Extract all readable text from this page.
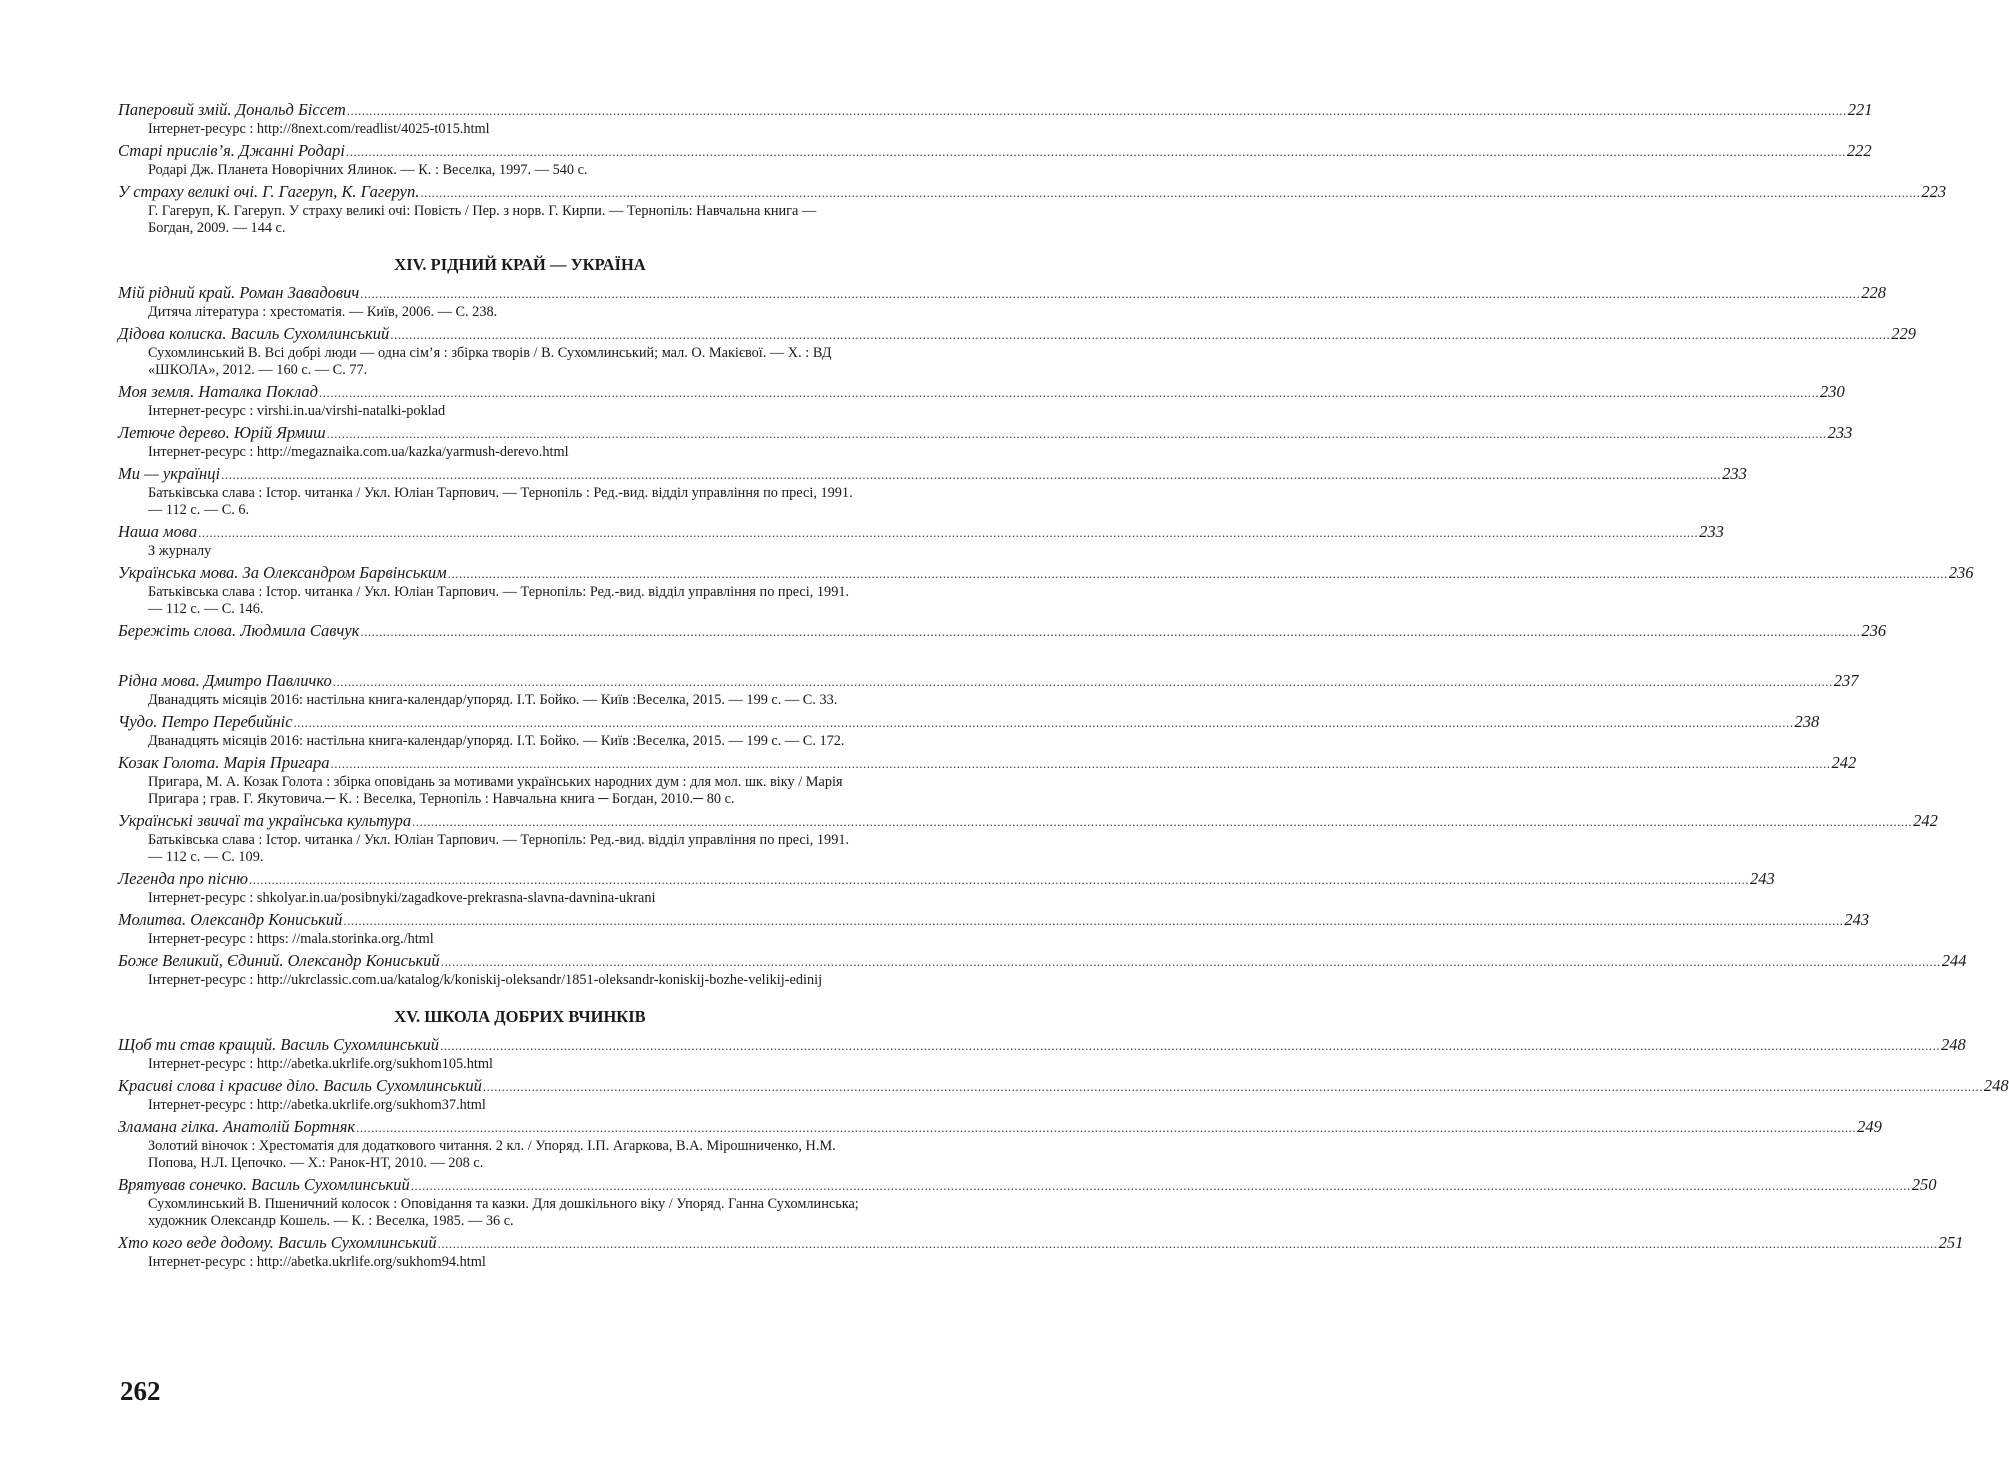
Паперовий змій. Дональд Біссет ................................................................................................................................................................................................................................................................................................................................................................................................................ 221
Інтернет-ресурс : http://8next.com/readlist/4025-t015.html
Старі прислів’я. Джанні Родарі ................................................................................................................................................................................................................................................................................................................................................................................................................ 222
Родарі Дж. Планета Новорічних Ялинок. — К. : Веселка, 1997. — 540 с.
У страху великі очі. Г. Гагеруп, К. Гагеруп. ................................................................................................................................................................................................................................................................................................................................................................................................................ 223
Г. Гагеруп, К. Гагеруп. У страху великі очі: Повість / Пер. з норв. Г. Кирпи. — Тернопіль: Навчальна книга — Богдан, 2009. — 144 с.
XIV. РІДНИЙ КРАЙ — УКРАЇНА
Мій рідний край. Роман Завадович ................................................................................................................................................................................................................................................................................................................................................................................................................ 228
Дитяча література : хрестоматія. — Київ, 2006. — С. 238.
Дідова колиска. Василь Сухомлинський ................................................................................................................................................................................................................................................................................................................................................................................................................ 229
Сухомлинський В. Всі добрі люди — одна сім’я : збірка творів / В. Сухомлинський; мал. О. Макієвої. — Х. : ВД «ШКОЛА», 2012. — 160 с. — С. 77.
Моя земля. Наталка Поклад ................................................................................................................................................................................................................................................................................................................................................................................................................ 230
Інтернет-ресурс : virshi.in.ua/virshi-natalki-poklad
Летюче дерево. Юрій Ярмиш ................................................................................................................................................................................................................................................................................................................................................................................................................ 233
Інтернет-ресурс : http://megaznaika.com.ua/kazka/yarmush-derevo.html
Ми — українці ................................................................................................................................................................................................................................................................................................................................................................................................................ 233
Батьківська слава : Істор. читанка / Укл. Юліан Тарпович. — Тернопіль : Ред.-вид. відділ управління по пресі, 1991. — 112 с. — С. 6.
Наша мова ................................................................................................................................................................................................................................................................................................................................................................................................................ 233
З журналу
Українська мова. За Олександром Барвінським ................................................................................................................................................................................................................................................................................................................................................................................................................ 236
Батьківська слава : Істор. читанка / Укл. Юліан Тарпович. — Тернопіль: Ред.-вид. відділ управління по пресі, 1991. — 112 с. — С. 146.
Бережіть слова. Людмила Савчук ................................................................................................................................................................................................................................................................................................................................................................................................................ 236
Рідна мова. Дмитро Павличко ................................................................................................................................................................................................................................................................................................................................................................................................................ 237
Дванадцять місяців 2016: настільна книга-календар/упоряд. І.Т. Бойко. — Київ :Веселка, 2015. — 199 с. — С. 33.
Чудо. Петро Перебийніс ................................................................................................................................................................................................................................................................................................................................................................................................................ 238
Дванадцять місяців 2016: настільна книга-календар/упоряд. І.Т. Бойко. — Київ :Веселка, 2015. — 199 с. — С. 172.
Козак Голота. Марія Пригара ................................................................................................................................................................................................................................................................................................................................................................................................................ 242
Пригара, М. А. Козак Голота : збірка оповідань за мотивами українських народних дум : для мол. шк. віку / Марія Пригара ; грав. Г. Якутовича.─ К. : Веселка, Тернопіль : Навчальна книга ─ Богдан, 2010.─ 80 с.
Українські звичаї та українська культура ................................................................................................................................................................................................................................................................................................................................................................................................................ 242
Батьківська слава : Істор. читанка / Укл. Юліан Тарпович. — Тернопіль: Ред.-вид. відділ управління по пресі, 1991. — 112 с. — С. 109.
Легенда про пісню ................................................................................................................................................................................................................................................................................................................................................................................................................ 243
Інтернет-ресурс : shkolyar.in.ua/posibnyki/zagadkove-prekrasna-slavna-davnina-ukrani
Молитва. Олександр Кониський ................................................................................................................................................................................................................................................................................................................................................................................................................ 243
Інтернет-ресурс : https: //mala.storinka.org./html
Боже Великий, Єдиний. Олександр Кониський ................................................................................................................................................................................................................................................................................................................................................................................................................ 244
Інтернет-ресурс : http://ukrclassic.com.ua/katalog/k/koniskij-oleksandr/1851-oleksandr-koniskij-bozhe-velikij-edinij
XV. ШКОЛА ДОБРИХ ВЧИНКІВ
Щоб ти став кращий. Василь Сухомлинський ................................................................................................................................................................................................................................................................................................................................................................................................................ 248
Інтернет-ресурс : http://abetka.ukrlife.org/sukhom105.html
Красиві слова і красиве діло. Василь Сухомлинський ................................................................................................................................................................................................................................................................................................................................................................................................................ 248
Інтернет-ресурс : http://abetka.ukrlife.org/sukhom37.html
Зламана гілка. Анатолій Бортняк ................................................................................................................................................................................................................................................................................................................................................................................................................ 249
Золотий віночок : Хрестоматія для додаткового читання. 2 кл. / Упоряд. І.П. Агаркова, В.А. Мірошниченко, Н.М. Попова, Н.Л. Цепочко. — Х.: Ранок-НТ, 2010. — 208 с.
Врятував сонечко. Василь Сухомлинський ................................................................................................................................................................................................................................................................................................................................................................................................................ 250
Сухомлинський В. Пшеничний колосок : Оповідання та казки. Для дошкільного віку / Упоряд. Ганна Сухомлинська; художник Олександр Кошель. — К. : Веселка, 1985. — 36 с.
Хто кого веде додому. Василь Сухомлинський ................................................................................................................................................................................................................................................................................................................................................................................................................ 251
Інтернет-ресурс : http://abetka.ukrlife.org/sukhom94.html
262
